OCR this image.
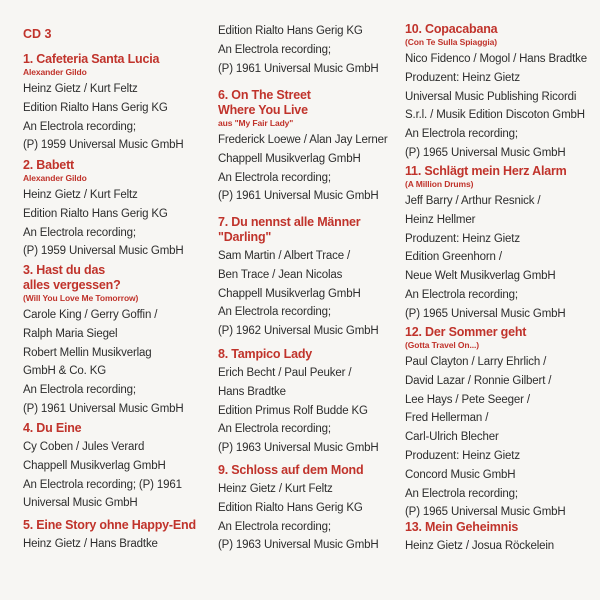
CD 3
1. Cafeteria Santa Lucia
Alexander Gildo
Heinz Gietz / Kurt Feltz
Edition Rialto Hans Gerig KG
An Electrola recording;
(P) 1959 Universal Music GmbH
2. Babett
Alexander Gildo
Heinz Gietz / Kurt Feltz
Edition Rialto Hans Gerig KG
An Electrola recording;
(P) 1959 Universal Music GmbH
3. Hast du das
alles vergessen?
(Will You Love Me Tomorrow)
Carole King / Gerry Goffin /
Ralph Maria Siegel
Robert Mellin Musikverlag
GmbH & Co. KG
An Electrola recording;
(P) 1961 Universal Music GmbH
4. Du Eine
Cy Coben / Jules Verard
Chappell Musikverlag GmbH
An Electrola recording; (P) 1961
Universal Music GmbH
5. Eine Story ohne Happy-End
Heinz Gietz / Hans Bradtke
Edition Rialto Hans Gerig KG
An Electrola recording;
(P) 1961 Universal Music GmbH
6. On The Street
Where You Live
aus "My Fair Lady"
Frederick Loewe / Alan Jay Lerner
Chappell Musikverlag GmbH
An Electrola recording;
(P) 1961 Universal Music GmbH
7. Du nennst alle Männer
"Darling"
Sam Martin / Albert Trace /
Ben Trace / Jean Nicolas
Chappell Musikverlag GmbH
An Electrola recording;
(P) 1962 Universal Music GmbH
8. Tampico Lady
Erich Becht / Paul Peuker /
Hans Bradtke
Edition Primus Rolf Budde KG
An Electrola recording;
(P) 1963 Universal Music GmbH
9. Schloss auf dem Mond
Heinz Gietz / Kurt Feltz
Edition Rialto Hans Gerig KG
An Electrola recording;
(P) 1963 Universal Music GmbH
10. Copacabana
(Con Te Sulla Spiaggia)
Nico Fidenco / Mogol / Hans Bradtke
Produzent: Heinz Gietz
Universal Music Publishing Ricordi
S.r.l. / Musik Edition Discoton GmbH
An Electrola recording;
(P) 1965 Universal Music GmbH
11. Schlägt mein Herz Alarm
(A Million Drums)
Jeff Barry / Arthur Resnick /
Heinz Hellmer
Produzent: Heinz Gietz
Edition Greenhorn /
Neue Welt Musikverlag GmbH
An Electrola recording;
(P) 1965 Universal Music GmbH
12. Der Sommer geht
(Gotta Travel On...)
Paul Clayton / Larry Ehrlich /
David Lazar / Ronnie Gilbert /
Lee Hays / Pete Seeger /
Fred Hellerman /
Carl-Ulrich Blecher
Produzent: Heinz Gietz
Concord Music GmbH
An Electrola recording;
(P) 1965 Universal Music GmbH
13. Mein Geheimnis
Heinz Gietz / Josua Röckelein
